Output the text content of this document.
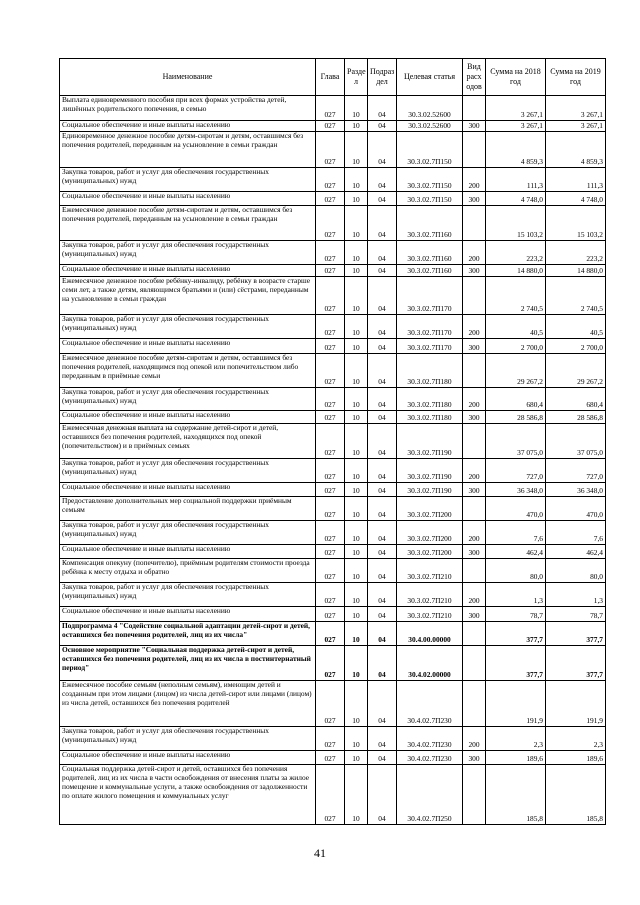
Наименование	Глава	Разде л	Подраз дел	Целевая статья	Вид расх одов	Сумма на 2018 год	Сумма на 2019 год
Выплата единовременного пособия при всех формах устройства детей, лишённых родительского попечения, в семью	027	10	04	30.3.02.52600		3 267,1	3 267,1
Социальное обеспечение и иные выплаты населению	027	10	04	30.3.02.52600	300	3 267,1	3 267,1
Единовременное денежное пособие детям-сиротам и детям, оставшимся без попечения родителей, переданным на усыновление в семьи граждан	027	10	04	30.3.02.7П150		4 859,3	4 859,3
Закупка товаров, работ и услуг для обеспечения государственных (муниципальных) нужд	027	10	04	30.3.02.7П150	200	111,3	111,3
Социальное обеспечение и иные выплаты населению	027	10	04	30.3.02.7П150	300	4 748,0	4 748,0
Ежемесячное денежное пособие детям-сиротам и детям, оставшимся без попечения родителей, переданным на усыновление в семьи граждан	027	10	04	30.3.02.7П160		15 103,2	15 103,2
Закупка товаров, работ и услуг для обеспечения государственных (муниципальных) нужд	027	10	04	30.3.02.7П160	200	223,2	223,2
Социальное обеспечение и иные выплаты населению	027	10	04	30.3.02.7П160	300	14 880,0	14 880,0
Ежемесячное денежное пособие ребёнку-инвалиду, ребёнку в возрасте старше семи лет, а также детям, являющимся братьями и (или) сёстрами, переданным на усыновление в семьи граждан	027	10	04	30.3.02.7П170		2 740,5	2 740,5
Закупка товаров, работ и услуг для обеспечения государственных (муниципальных) нужд	027	10	04	30.3.02.7П170	200	40,5	40,5
Социальное обеспечение и иные выплаты населению	027	10	04	30.3.02.7П170	300	2 700,0	2 700,0
Ежемесячное денежное пособие детям-сиротам и детям, оставшимся без попечения родителей, находящимся под опекой или попечительством либо переданным в приёмные семьи	027	10	04	30.3.02.7П180		29 267,2	29 267,2
Закупка товаров, работ и услуг для обеспечения государственных (муниципальных) нужд	027	10	04	30.3.02.7П180	200	680,4	680,4
Социальное обеспечение и иные выплаты населению	027	10	04	30.3.02.7П180	300	28 586,8	28 586,8
Ежемесячная денежная выплата на содержание детей-сирот и детей, оставшихся без попечения родителей, находящихся под опекой (попечительством) и в приёмных семьях	027	10	04	30.3.02.7П190		37 075,0	37 075,0
Закупка товаров, работ и услуг для обеспечения государственных (муниципальных) нужд	027	10	04	30.3.02.7П190	200	727,0	727,0
Социальное обеспечение и иные выплаты населению	027	10	04	30.3.02.7П190	300	36 348,0	36 348,0
Предоставление дополнительных мер социальной поддержки приёмным семьям	027	10	04	30.3.02.7П200		470,0	470,0
Закупка товаров, работ и услуг для обеспечения государственных (муниципальных) нужд	027	10	04	30.3.02.7П200	200	7,6	7,6
Социальное обеспечение и иные выплаты населению	027	10	04	30.3.02.7П200	300	462,4	462,4
Компенсация опекуну (попечителю), приёмным родителям стоимости проезда ребёнка к месту отдыха и обратно	027	10	04	30.3.02.7П210		80,0	80,0
Закупка товаров, работ и услуг для обеспечения государственных (муниципальных) нужд	027	10	04	30.3.02.7П210	200	1,3	1,3
Социальное обеспечение и иные выплаты населению	027	10	04	30.3.02.7П210	300	78,7	78,7
Подпрограмма 4 "Содействие социальной адаптации детей-сирот и детей, оставшихся без попечения родителей, лиц из их числа"	027	10	04	30.4.00.00000		377,7	377,7
Основное мероприятие "Социальная поддержка детей-сирот и детей, оставшихся без попечения родителей, лиц из их числа в постинтернатный период"	027	10	04	30.4.02.00000		377,7	377,7
Ежемесячное пособие семьям (неполным семьям), имеющим детей и созданным при этом лицами (лицом) из числа детей-сирот или лицами (лицом) из числа детей, оставшихся без попечения родителей	027	10	04	30.4.02.7П230		191,9	191,9
Закупка товаров, работ и услуг для обеспечения государственных (муниципальных) нужд	027	10	04	30.4.02.7П230	200	2,3	2,3
Социальное обеспечение и иные выплаты населению	027	10	04	30.4.02.7П230	300	189,6	189,6
Социальная поддержка детей-сирот и детей, оставшихся без попечения родителей, лиц из их числа в части освобождения от внесения платы за жилое помещение и коммунальные услуги, а также освобождения от задолженности по оплате жилого помещения и коммунальных услуг	027	10	04	30.4.02.7П250		185,8	185,8
41
